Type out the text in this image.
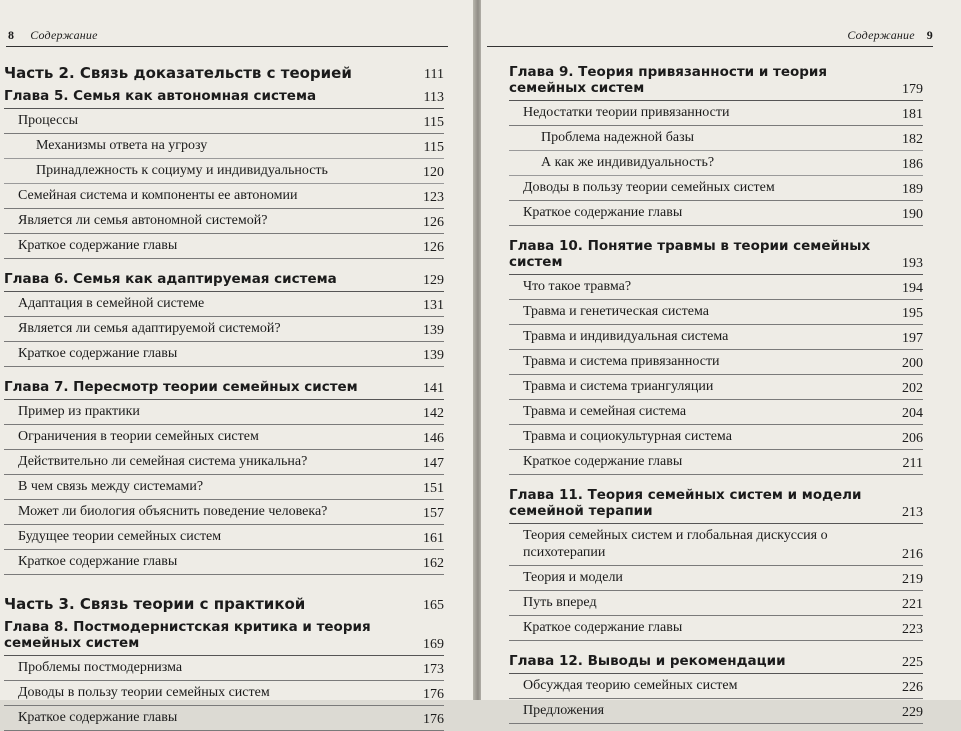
8 Содержание
Часть 2. Связь доказательств с теорией	111
Глава 5. Семья как автономная система	113
Процессы	115
Механизмы ответа на угрозу	115
Принадлежность к социуму и индивидуальность	120
Семейная система и компоненты ее автономии	123
Является ли семья автономной системой?	126
Краткое содержание главы	126
Глава 6. Семья как адаптируемая система	129
Адаптация в семейной системе	131
Является ли семья адаптируемой системой?	139
Краткое содержание главы	139
Глава 7. Пересмотр теории семейных систем	141
Пример из практики	142
Ограничения в теории семейных систем	146
Действительно ли семейная система уникальна?	147
В чем связь между системами?	151
Может ли биология объяснить поведение человека?	157
Будущее теории семейных систем	161
Краткое содержание главы	162
Часть 3. Связь теории с практикой	165
Глава 8. Постмодернистская критика и теория семейных систем	169
Проблемы постмодернизма	173
Доводы в пользу теории семейных систем	176
Краткое содержание главы	176
Содержание 9
Глава 9. Теория привязанности и теория семейных систем	179
Недостатки теории привязанности	181
Проблема надежной базы	182
А как же индивидуальность?	186
Доводы в пользу теории семейных систем	189
Краткое содержание главы	190
Глава 10. Понятие травмы в теории семейных систем	193
Что такое травма?	194
Травма и генетическая система	195
Травма и индивидуальная система	197
Травма и система привязанности	200
Травма и система триангуляции	202
Травма и семейная система	204
Травма и социокультурная система	206
Краткое содержание главы	211
Глава 11. Теория семейных систем и модели семейной терапии	213
Теория семейных систем и глобальная дискуссия о психотерапии	216
Теория и модели	219
Путь вперед	221
Краткое содержание главы	223
Глава 12. Выводы и рекомендации	225
Обсуждая теорию семейных систем	226
Предложения	229
